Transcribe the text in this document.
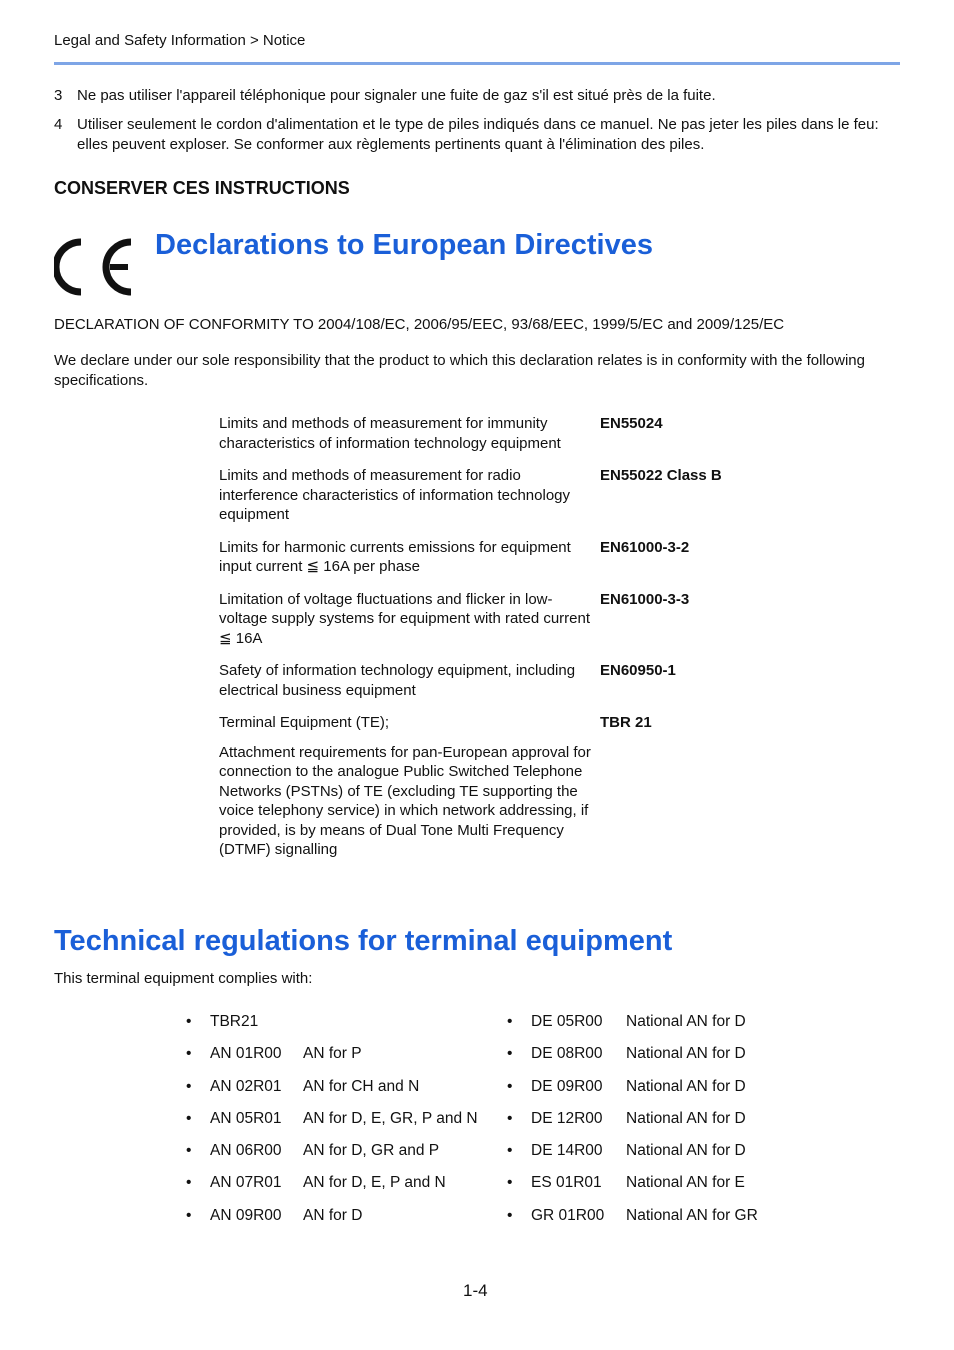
Legal and Safety Information > Notice
3 Ne pas utiliser l'appareil téléphonique pour signaler une fuite de gaz s'il est situé près de la fuite.
4 Utiliser seulement le cordon d'alimentation et le type de piles indiqués dans ce manuel. Ne pas jeter les piles dans le feu: elles peuvent exploser. Se conformer aux règlements pertinents quant à l'élimination des piles.
CONSERVER CES INSTRUCTIONS
Declarations to European Directives
DECLARATION OF CONFORMITY TO 2004/108/EC, 2006/95/EEC, 93/68/EEC, 1999/5/EC and 2009/125/EC
We declare under our sole responsibility that the product to which this declaration relates is in conformity with the following specifications.
Limits and methods of measurement for immunity characteristics of information technology equipment
EN55024
Limits and methods of measurement for radio interference characteristics of information technology equipment
EN55022 Class B
Limits for harmonic currents emissions for equipment input current ≦ 16A per phase
EN61000-3-2
Limitation of voltage fluctuations and flicker in low-voltage supply systems for equipment with rated current ≦ 16A
EN61000-3-3
Safety of information technology equipment, including electrical business equipment
EN60950-1
Terminal Equipment (TE);	TBR 21
Attachment requirements for pan-European approval for connection to the analogue Public Switched Telephone Networks (PSTNs) of TE (excluding TE supporting the voice telephony service) in which network addressing, if provided, is by means of Dual Tone Multi Frequency (DTMF) signalling
Technical regulations for terminal equipment
This terminal equipment complies with:
• TBR21
• AN 01R00 AN for P
• AN 02R01 AN for CH and N
• AN 05R01 AN for D, E, GR, P and N
• AN 06R00 AN for D, GR and P
• AN 07R01 AN for D, E, P and N
• AN 09R00 AN for D
• DE 05R00 National AN for D
• DE 08R00 National AN for D
• DE 09R00 National AN for D
• DE 12R00 National AN for D
• DE 14R00 National AN for D
• ES 01R01 National AN for E
• GR 01R00 National AN for GR
1-4
